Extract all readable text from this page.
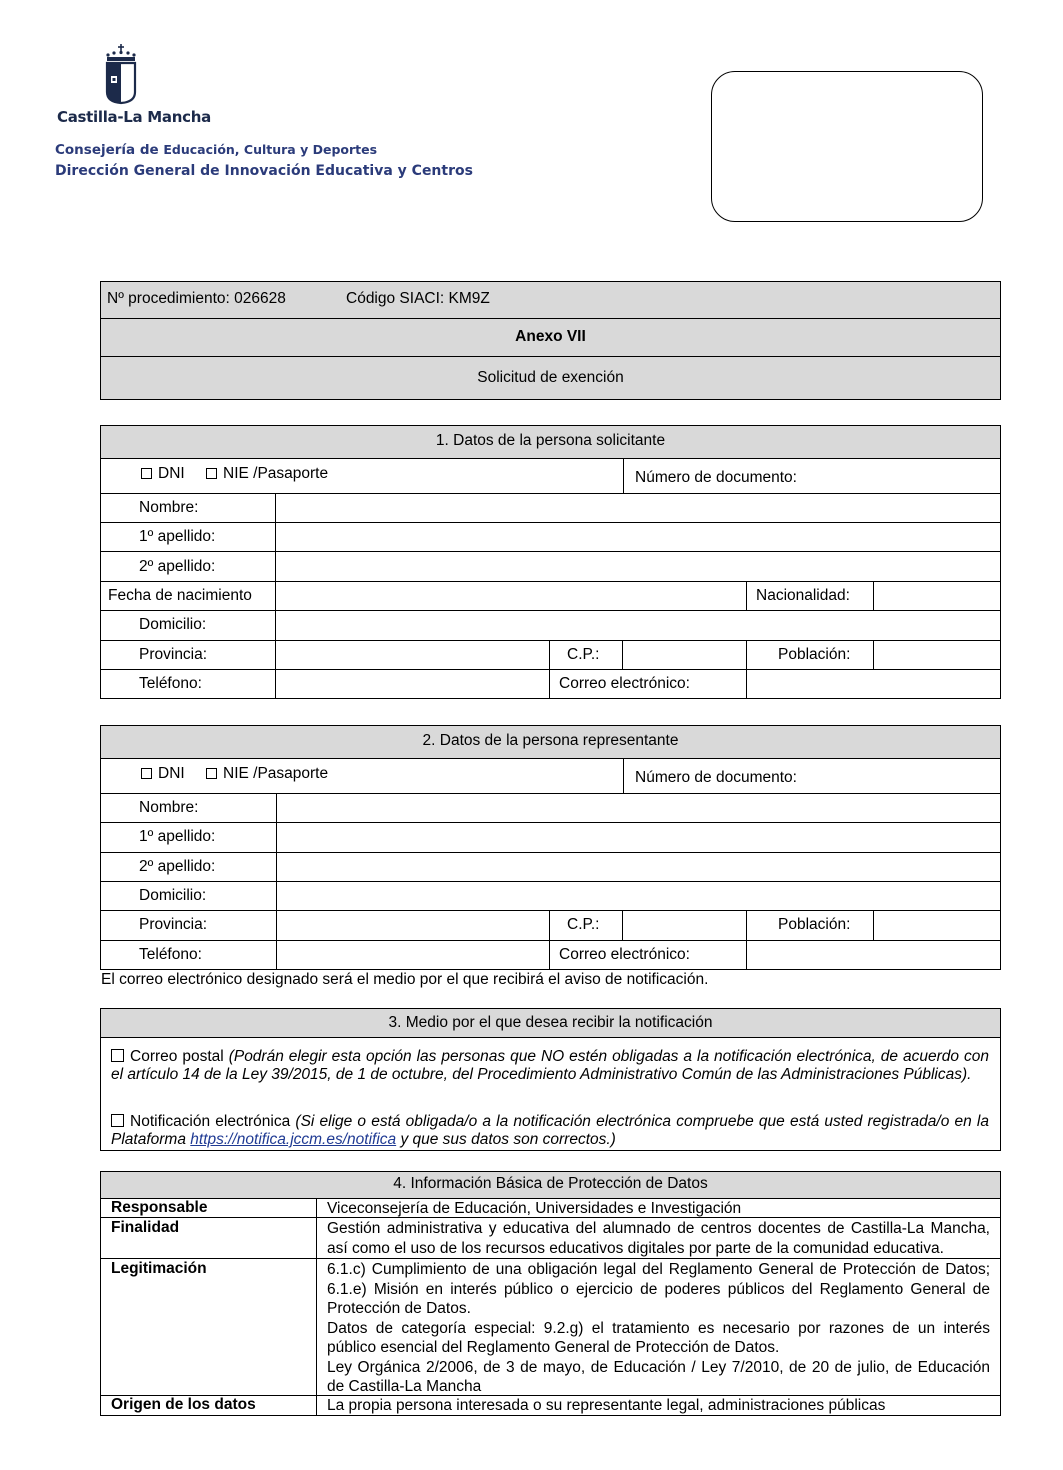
Castilla-La Mancha
Consejería de Educación, Cultura y Deportes
Dirección General de Innovación Educativa y Centros
Nº procedimiento: 026628	Código SIACI: KM9Z
Anexo VII
Solicitud de exención
1. Datos de la persona solicitante
DNI	NIE /Pasaporte	Número de documento:
Nombre:
1º apellido:
2º apellido:
Fecha de nacimiento	Nacionalidad:
Domicilio:
Provincia:	C.P.:	Población:
Teléfono:	Correo electrónico:
2. Datos de la persona representante
DNI	NIE /Pasaporte	Número de documento:
Nombre:
1º apellido:
2º apellido:
Domicilio:
Provincia:	C.P.:	Población:
Teléfono:	Correo electrónico:
El correo electrónico designado será el medio por el que recibirá el aviso de notificación.
3. Medio por el que desea recibir la notificación
Correo postal (Podrán elegir esta opción las personas que NO estén obligadas a la notificación electrónica, de acuerdo con el artículo 14 de la Ley 39/2015, de 1 de octubre, del Procedimiento Administrativo Común de las Administraciones Públicas).
Notificación electrónica (Si elige o está obligada/o a la notificación electrónica compruebe que está usted registrada/o en la Plataforma https://notifica.jccm.es/notifica y que sus datos son correctos.)
4. Información Básica de Protección de Datos
Responsable	Viceconsejería de Educación, Universidades e Investigación
Finalidad	Gestión administrativa y educativa del alumnado de centros docentes de Castilla-La Mancha, así como el uso de los recursos educativos digitales por parte de la comunidad educativa.
Legitimación	6.1.c) Cumplimiento de una obligación legal del Reglamento General de Protección de Datos; 6.1.e) Misión en interés público o ejercicio de poderes públicos del Reglamento General de Protección de Datos.
Datos de categoría especial: 9.2.g) el tratamiento es necesario por razones de un interés público esencial del Reglamento General de Protección de Datos.
Ley Orgánica 2/2006, de 3 de mayo, de Educación / Ley 7/2010, de 20 de julio, de Educación de Castilla-La Mancha
Origen de los datos	La propia persona interesada o su representante legal, administraciones públicas
